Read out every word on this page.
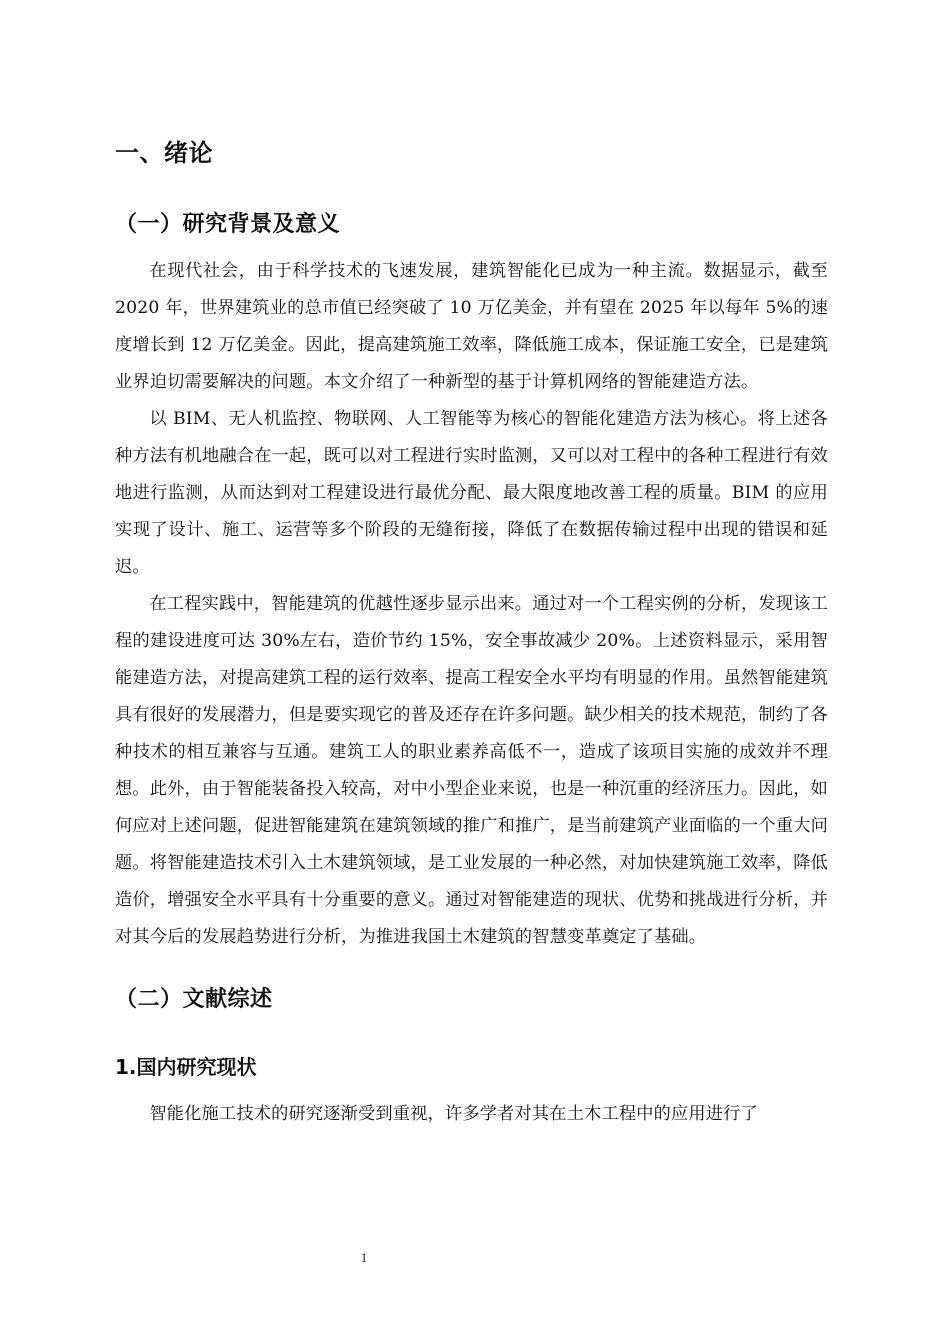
一、绪论
（一）研究背景及意义

在现代社会，由于科学技术的飞速发展，建筑智能化已成为一种主流。数据显示，截至 2020 年，世界建筑业的总市值已经突破了 10 万亿美金，并有望在 2025 年以每年 5%的速度增长到 12 万亿美金。因此，提高建筑施工效率，降低施工成本，保证施工安全，已是建筑业界迫切需要解决的问题。本文介绍了一种新型的基于计算机网络的智能建造方法。

以 BIM、无人机监控、物联网、人工智能等为核心的智能化建造方法为核心。将上述各种方法有机地融合在一起，既可以对工程进行实时监测，又可以对工程中的各种工程进行有效地进行监测，从而达到对工程建设进行最优分配、最大限度地改善工程的质量。BIM 的应用实现了设计、施工、运营等多个阶段的无缝衔接，降低了在数据传输过程中出现的错误和延迟。

在工程实践中，智能建筑的优越性逐步显示出来。通过对一个工程实例的分析，发现该工程的建设进度可达 30%左右，造价节约 15%，安全事故减少 20%。上述资料显示，采用智能建造方法，对提高建筑工程的运行效率、提高工程安全水平均有明显的作用。虽然智能建筑具有很好的发展潜力，但是要实现它的普及还存在许多问题。缺少相关的技术规范，制约了各种技术的相互兼容与互通。建筑工人的职业素养高低不一，造成了该项目实施的成效并不理想。此外，由于智能装备投入较高，对中小型企业来说，也是一种沉重的经济压力。因此，如何应对上述问题，促进智能建筑在建筑领域的推广和推广，是当前建筑产业面临的一个重大问题。将智能建造技术引入土木建筑领域，是工业发展的一种必然，对加快建筑施工效率，降低造价，增强安全水平具有十分重要的意义。通过对智能建造的现状、优势和挑战进行分析，并对其今后的发展趋势进行分析，为推进我国土木建筑的智慧变革奠定了基础。

（二）文献综述
1.国内研究现状

智能化施工技术的研究逐渐受到重视，许多学者对其在土木工程中的应用进行了

1
